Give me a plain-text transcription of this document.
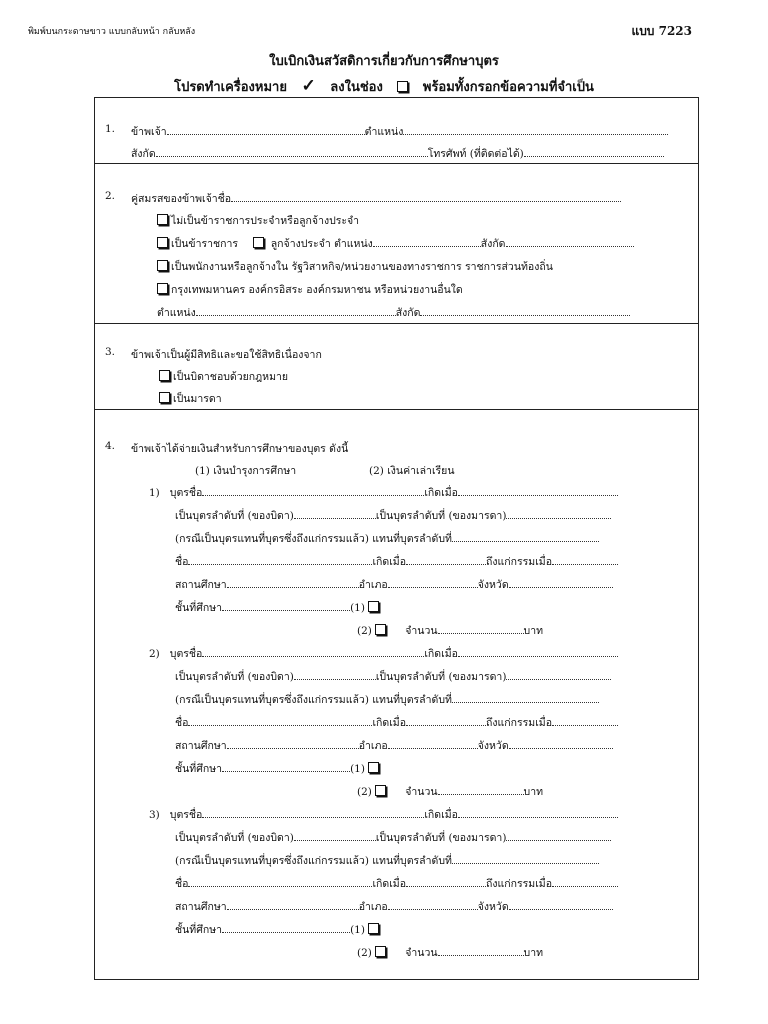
พิมพ์บนกระดาษขาว แบบกลับหน้า กลับหลัง	แบบ 7223
ใบเบิกเงินสวัสดิการเกี่ยวกับการศึกษาบุตร
โปรดทำเครื่องหมาย ✓ ลงในช่อง	พร้อมทั้งกรอกข้อความที่จำเป็น
1. ข้าพเจ้า	ตำแหน่ง
สังกัด	โทรศัพท์ (ที่ติดต่อได้)
2. คู่สมรสของข้าพเจ้าชื่อ
ไม่เป็นข้าราชการประจำหรือลูกจ้างประจำ
เป็นข้าราชการ	ลูกจ้างประจำ ตำแหน่ง	สังกัด
เป็นพนักงานหรือลูกจ้างใน รัฐวิสาหกิจ/หน่วยงานของทางราชการ ราชการส่วนท้องถิ่น
กรุงเทพมหานคร องค์กรอิสระ องค์กรมหาชน หรือหน่วยงานอื่นใด
ตำแหน่ง	สังกัด
3. ข้าพเจ้าเป็นผู้มีสิทธิและขอใช้สิทธิเนื่องจาก
เป็นบิดาชอบด้วยกฎหมาย
เป็นมารดา
4. ข้าพเจ้าได้จ่ายเงินสำหรับการศึกษาของบุตร ดังนี้
(1) เงินบำรุงการศึกษา	(2) เงินค่าเล่าเรียน
1) บุตรชื่อ	เกิดเมื่อ
เป็นบุตรลำดับที่ (ของบิดา)	เป็นบุตรลำดับที่ (ของมารดา)
(กรณีเป็นบุตรแทนที่บุตรซึ่งถึงแก่กรรมแล้ว) แทนที่บุตรลำดับที่
ชื่อ	เกิดเมื่อ	ถึงแก่กรรมเมื่อ
สถานศึกษา	อำเภอ	จังหวัด
ชั้นที่ศึกษา	(1)
(2)	จำนวน	บาท
2) บุตรชื่อ	เกิดเมื่อ
เป็นบุตรลำดับที่ (ของบิดา)	เป็นบุตรลำดับที่ (ของมารดา)
(กรณีเป็นบุตรแทนที่บุตรซึ่งถึงแก่กรรมแล้ว) แทนที่บุตรลำดับที่
ชื่อ	เกิดเมื่อ	ถึงแก่กรรมเมื่อ
สถานศึกษา	อำเภอ	จังหวัด
ชั้นที่ศึกษา	(1)
(2)	จำนวน	บาท
3) บุตรชื่อ	เกิดเมื่อ
เป็นบุตรลำดับที่ (ของบิดา)	เป็นบุตรลำดับที่ (ของมารดา)
(กรณีเป็นบุตรแทนที่บุตรซึ่งถึงแก่กรรมแล้ว) แทนที่บุตรลำดับที่
ชื่อ	เกิดเมื่อ	ถึงแก่กรรมเมื่อ
สถานศึกษา	อำเภอ	จังหวัด
ชั้นที่ศึกษา	(1)
(2)	จำนวน	บาท
